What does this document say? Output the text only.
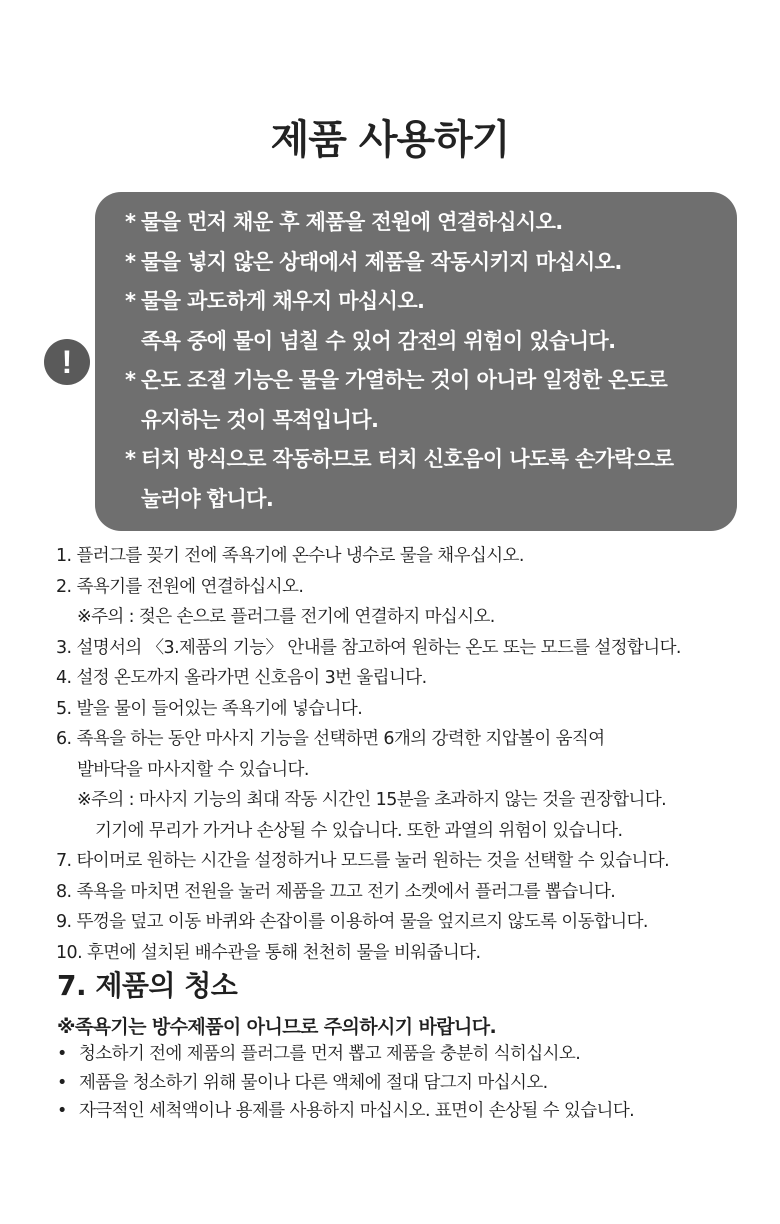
제품 사용하기
!
* 물을 먼저 채운 후 제품을 전원에 연결하십시오.
* 물을 넣지 않은 상태에서 제품을 작동시키지 마십시오.
* 물을 과도하게 채우지 마십시오.
족욕 중에 물이 넘칠 수 있어 감전의 위험이 있습니다.
* 온도 조절 기능은 물을 가열하는 것이 아니라 일정한 온도로
유지하는 것이 목적입니다.
* 터치 방식으로 작동하므로 터치 신호음이 나도록 손가락으로
눌러야 합니다.
1. 플러그를 꽂기 전에 족욕기에 온수나 냉수로 물을 채우십시오.
2. 족욕기를 전원에 연결하십시오.
※주의 : 젖은 손으로 플러그를 전기에 연결하지 마십시오.
3. 설명서의 〈3.제품의 기능〉 안내를 참고하여 원하는 온도 또는 모드를 설정합니다.
4. 설정 온도까지 올라가면 신호음이 3번 울립니다.
5. 발을 물이 들어있는 족욕기에 넣습니다.
6. 족욕을 하는 동안 마사지 기능을 선택하면 6개의 강력한 지압볼이 움직여
발바닥을 마사지할 수 있습니다.
※주의 : 마사지 기능의 최대 작동 시간인 15분을 초과하지 않는 것을 권장합니다.
기기에 무리가 가거나 손상될 수 있습니다. 또한 과열의 위험이 있습니다.
7. 타이머로 원하는 시간을 설정하거나 모드를 눌러 원하는 것을 선택할 수 있습니다.
8. 족욕을 마치면 전원을 눌러 제품을 끄고 전기 소켓에서 플러그를 뽑습니다.
9. 뚜껑을 덮고 이동 바퀴와 손잡이를 이용하여 물을 엎지르지 않도록 이동합니다.
10. 후면에 설치된 배수관을 통해 천천히 물을 비워줍니다.
7. 제품의 청소
※족욕기는 방수제품이 아니므로 주의하시기 바랍니다.
• 청소하기 전에 제품의 플러그를 먼저 뽑고 제품을 충분히 식히십시오.
• 제품을 청소하기 위해 물이나 다른 액체에 절대 담그지 마십시오.
• 자극적인 세척액이나 용제를 사용하지 마십시오. 표면이 손상될 수 있습니다.
